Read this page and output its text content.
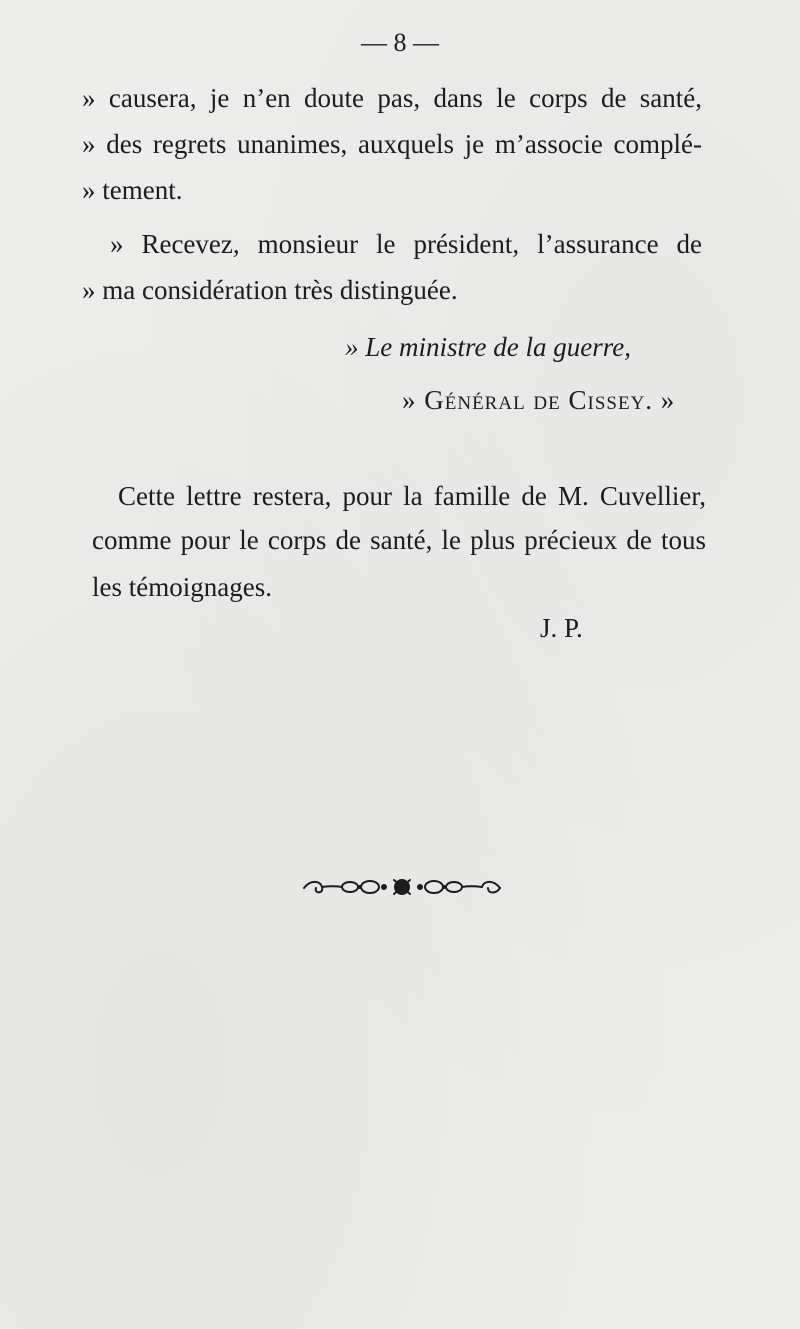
— 8 —
» causera, je n’en doute pas, dans le corps de santé,
» des regrets unanimes, auxquels je m’associe complé-
» tement.
» Recevez, monsieur le président, l’assurance de
» ma considération très distinguée.
» Le ministre de la guerre,
» Général de Cissey. »
Cette lettre restera, pour la famille de M. Cuvellier,
comme pour le corps de santé, le plus précieux de tous
les témoignages.
J. P.
